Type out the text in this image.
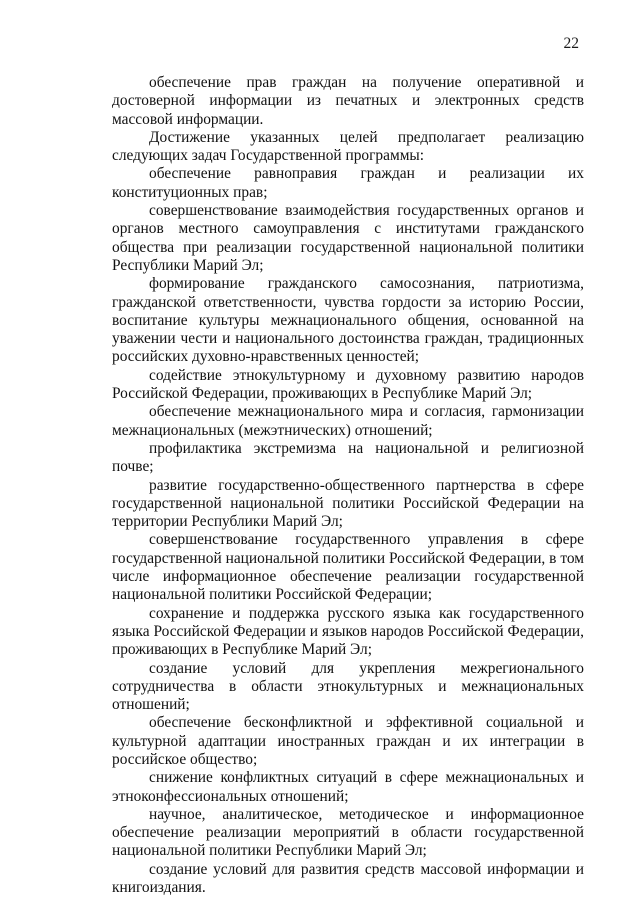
22

обеспечение прав граждан на получение оперативной и достоверной информации из печатных и электронных средств массовой информации.

Достижение указанных целей предполагает реализацию следующих задач Государственной программы:

обеспечение равноправия граждан и реализации их конституционных прав;

совершенствование взаимодействия государственных органов и органов местного самоуправления с институтами гражданского общества при реализации государственной национальной политики Республики Марий Эл;

формирование гражданского самосознания, патриотизма, гражданской ответственности, чувства гордости за историю России, воспитание культуры межнационального общения, основанной на уважении чести и национального достоинства граждан, традиционных российских духовно-нравственных ценностей;

содействие этнокультурному и духовному развитию народов Российской Федерации, проживающих в Республике Марий Эл;

обеспечение межнационального мира и согласия, гармонизации межнациональных (межэтнических) отношений;

профилактика экстремизма на национальной и религиозной почве;

развитие государственно-общественного партнерства в сфере государственной национальной политики Российской Федерации на территории Республики Марий Эл;

совершенствование государственного управления в сфере государственной национальной политики Российской Федерации, в том числе информационное обеспечение реализации государственной национальной политики Российской Федерации;

сохранение и поддержка русского языка как государственного языка Российской Федерации и языков народов Российской Федерации, проживающих в Республике Марий Эл;

создание условий для укрепления межрегионального сотрудничества в области этнокультурных и межнациональных отношений;

обеспечение бесконфликтной и эффективной социальной и культурной адаптации иностранных граждан и их интеграции в российское общество;

снижение конфликтных ситуаций в сфере межнациональных и этноконфессиональных отношений;

научное, аналитическое, методическое и информационное обеспечение реализации мероприятий в области государственной национальной политики Республики Марий Эл;

создание условий для развития средств массовой информации и книгоиздания.
